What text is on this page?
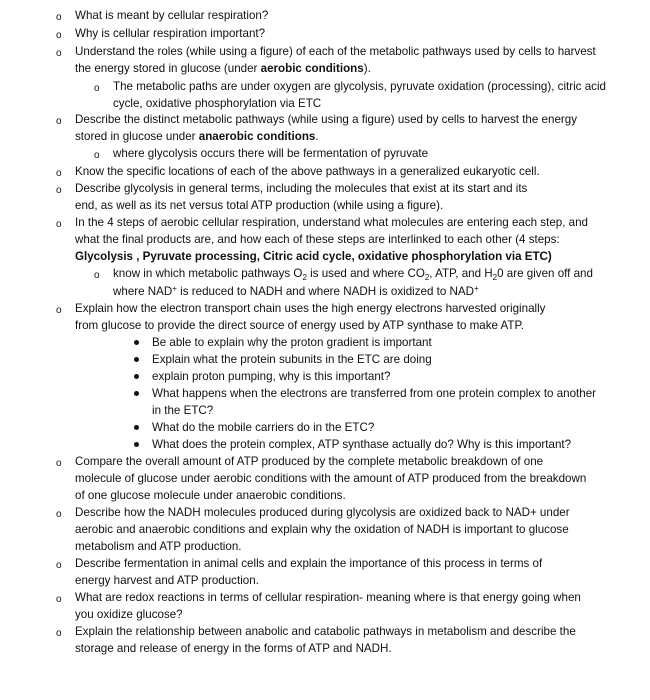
o What is meant by cellular respiration?
o Why is cellular respiration important?
o Understand the roles (while using a figure) of each of the metabolic pathways used by cells to harvest
the energy stored in glucose (under aerobic conditions).
o The metabolic paths are under oxygen are glycolysis, pyruvate oxidation (processing), citric acid
cycle, oxidative phosphorylation via ETC
o Describe the distinct metabolic pathways (while using a figure) used by cells to harvest the energy
stored in glucose under anaerobic conditions.
o where glycolysis occurs there will be fermentation of pyruvate
o Know the specific locations of each of the above pathways in a generalized eukaryotic cell.
o Describe glycolysis in general terms, including the molecules that exist at its start and its
end, as well as its net versus total ATP production (while using a figure).
o In the 4 steps of aerobic cellular respiration, understand what molecules are entering each step, and
what the final products are, and how each of these steps are interlinked to each other (4 steps:
Glycolysis , Pyruvate processing, Citric acid cycle, oxidative phosphorylation via ETC)
o know in which metabolic pathways $O_2$ is used and where $CO_2$, ATP, and $H_20$ are given off and
where NAD+ is reduced to NADH and where NADH is oxidized to NAD+
o Explain how the electron transport chain uses the high energy electrons harvested originally
from glucose to provide the direct source of energy used by ATP synthase to make ATP.
Be able to explain why the proton gradient is important
Explain what the protein subunits in the ETC are doing
explain proton pumping, why is this important?
What happens when the electrons are transferred from one protein complex to another
in the ETC?
What do the mobile carriers do in the ETC?
What does the protein complex, ATP synthase actually do? Why is this important?
o Compare the overall amount of ATP produced by the complete metabolic breakdown of one
molecule of glucose under aerobic conditions with the amount of ATP produced from the breakdown
of one glucose molecule under anaerobic conditions.
o Describe how the NADH molecules produced during glycolysis are oxidized back to NAD+ under
aerobic and anaerobic conditions and explain why the oxidation of NADH is important to glucose
metabolism and ATP production.
o Describe fermentation in animal cells and explain the importance of this process in terms of
energy harvest and ATP production.
o What are redox reactions in terms of cellular respiration- meaning where is that energy going when
you oxidize glucose?
o Explain the relationship between anabolic and catabolic pathways in metabolism and describe the
storage and release of energy in the forms of ATP and NADH.
